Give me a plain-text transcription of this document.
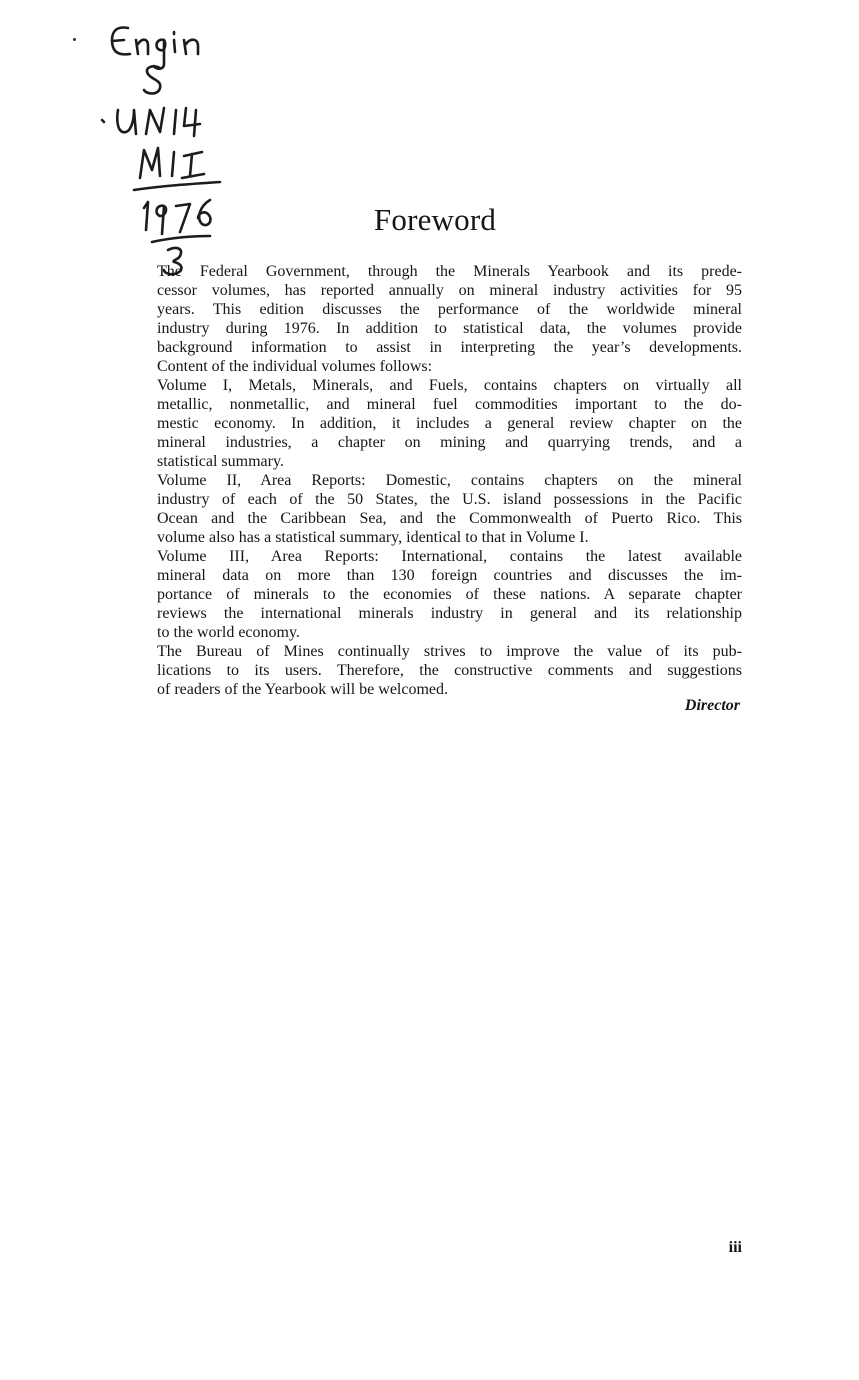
Foreword

The Federal Government, through the Minerals Yearbook and its prede-
cessor volumes, has reported annually on mineral industry activities for 95
years. This edition discusses the performance of the worldwide mineral
industry during 1976. In addition to statistical data, the volumes provide
background information to assist in interpreting the year’s developments.
Content of the individual volumes follows:

Volume I, Metals, Minerals, and Fuels, contains chapters on virtually all
metallic, nonmetallic, and mineral fuel commodities important to the do-
mestic economy. In addition, it includes a general review chapter on the
mineral industries, a chapter on mining and quarrying trends, and a
statistical summary.

Volume II, Area Reports: Domestic, contains chapters on the mineral
industry of each of the 50 States, the U.S. island possessions in the Pacific
Ocean and the Caribbean Sea, and the Commonwealth of Puerto Rico. This
volume also has a statistical summary, identical to that in Volume I.

Volume III, Area Reports: International, contains the latest available
mineral data on more than 130 foreign countries and discusses the im-
portance of minerals to the economies of these nations. A separate chapter
reviews the international minerals industry in general and its relationship
to the world economy.

The Bureau of Mines continually strives to improve the value of its pub-
lications to its users. Therefore, the constructive comments and suggestions
of readers of the Yearbook will be welcomed.

Director
iii
